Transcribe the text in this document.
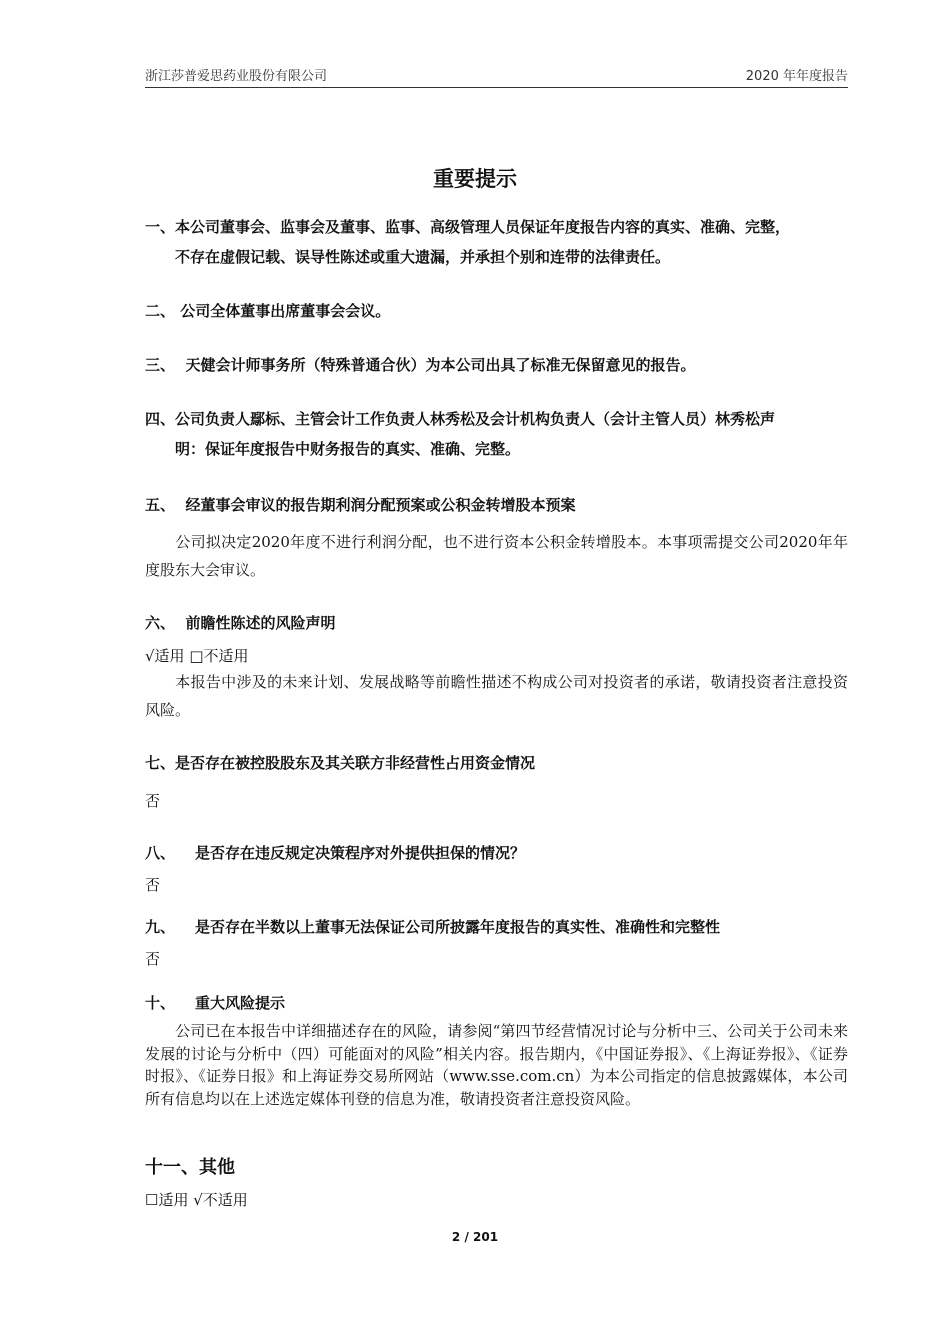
浙江莎普爱思药业股份有限公司	2020 年年度报告
重要提示
一、本公司董事会、监事会及董事、监事、高级管理人员保证年度报告内容的真实、准确、完整，
不存在虚假记载、误导性陈述或重大遗漏，并承担个别和连带的法律责任。
二、 公司全体董事出席董事会会议。
三、 天健会计师事务所（特殊普通合伙）为本公司出具了标准无保留意见的报告。
四、公司负责人鄢标、主管会计工作负责人林秀松及会计机构负责人（会计主管人员）林秀松声
明：保证年度报告中财务报告的真实、准确、完整。
五、 经董事会审议的报告期利润分配预案或公积金转增股本预案
公司拟决定2020年度不进行利润分配，也不进行资本公积金转增股本。本事项需提交公司2020年年度股东大会审议。
六、 前瞻性陈述的风险声明
√适用 □不适用
本报告中涉及的未来计划、发展战略等前瞻性描述不构成公司对投资者的承诺，敬请投资者注意投资风险。
七、是否存在被控股股东及其关联方非经营性占用资金情况
否
八、 是否存在违反规定决策程序对外提供担保的情况？
否
九、 是否存在半数以上董事无法保证公司所披露年度报告的真实性、准确性和完整性
否
十、 重大风险提示
公司已在本报告中详细描述存在的风险，请参阅“第四节经营情况讨论与分析中三、公司关于公司未来发展的讨论与分析中（四）可能面对的风险”相关内容。报告期内，《中国证券报》、《上海证券报》、《证券时报》、《证券日报》和上海证券交易所网站（www.sse.com.cn）为本公司指定的信息披露媒体，本公司所有信息均以在上述选定媒体刊登的信息为准，敬请投资者注意投资风险。
十一、其他
☐适用 √不适用
2 / 201
